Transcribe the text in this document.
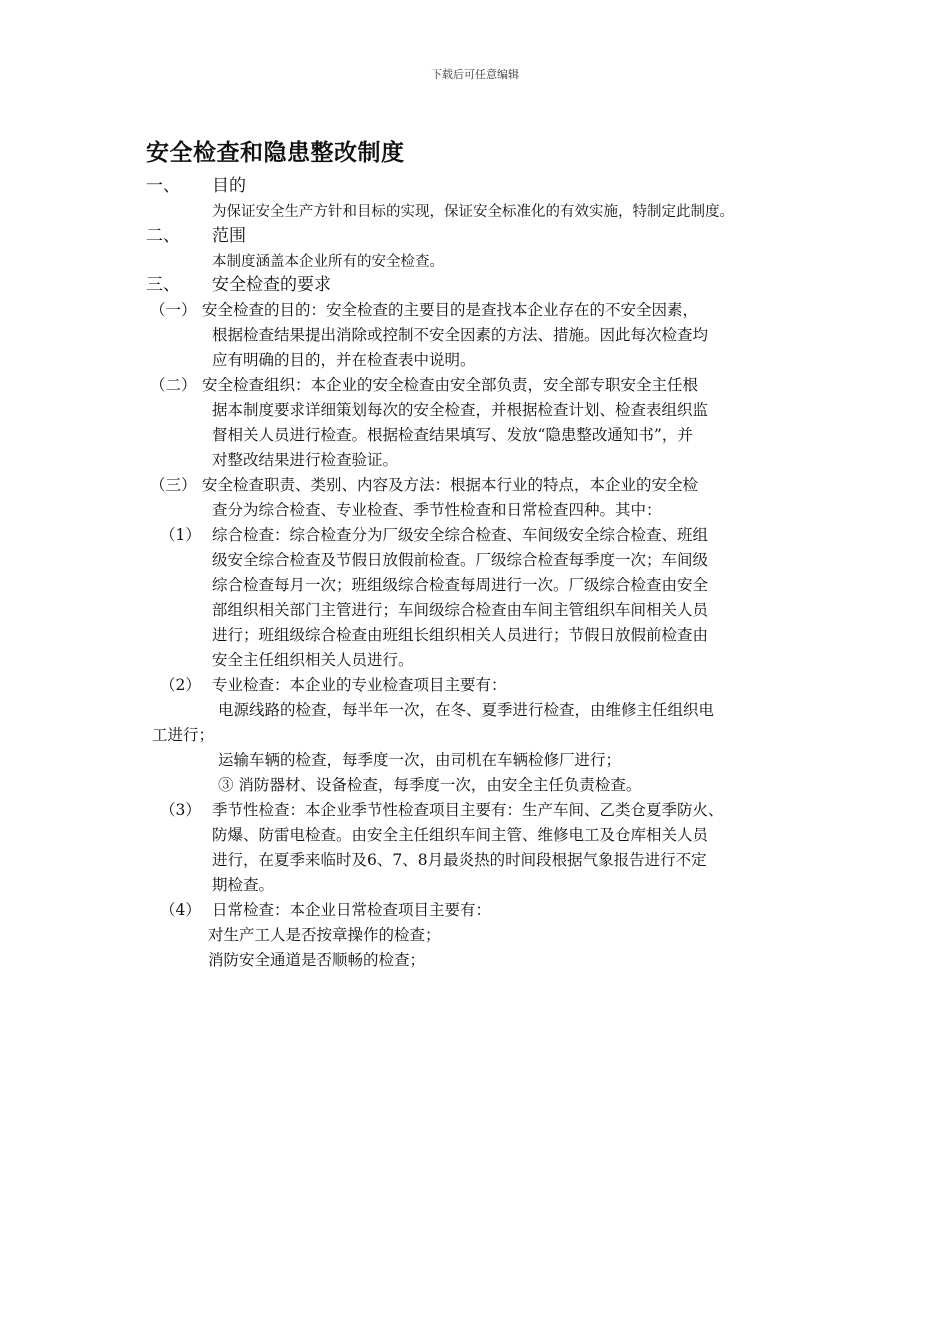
下载后可任意编辑
安全检查和隐患整改制度
一、 目的
为保证安全生产方针和目标的实现，保证安全标准化的有效实施，特制定此制度。
二、 范围
本制度涵盖本企业所有的安全检查。
三、 安全检查的要求
（一） 安全检查的目的：安全检查的主要目的是查找本企业存在的不安全因素，
根据检查结果提出消除或控制不安全因素的方法、措施。因此每次检查均
应有明确的目的，并在检查表中说明。
（二） 安全检查组织：本企业的安全检查由安全部负责，安全部专职安全主任根
据本制度要求详细策划每次的安全检查，并根据检查计划、检查表组织监
督相关人员进行检查。根据检查结果填写、发放“隐患整改通知书”，并
对整改结果进行检查验证。
（三） 安全检查职责、类别、内容及方法：根据本行业的特点，本企业的安全检
查分为综合检查、专业检查、季节性检查和日常检查四种。其中：
（1） 综合检查：综合检查分为厂级安全综合检查、车间级安全综合检查、班组
级安全综合检查及节假日放假前检查。厂级综合检查每季度一次；车间级
综合检查每月一次；班组级综合检查每周进行一次。厂级综合检查由安全
部组织相关部门主管进行；车间级综合检查由车间主管组织车间相关人员
进行；班组级综合检查由班组长组织相关人员进行；节假日放假前检查由
安全主任组织相关人员进行。
（2） 专业检查：本企业的专业检查项目主要有：
电源线路的检查，每半年一次，在冬、夏季进行检查，由维修主任组织电
工进行；
运输车辆的检查，每季度一次，由司机在车辆检修厂进行；
③ 消防器材、设备检查，每季度一次，由安全主任负责检查。
（3） 季节性检查：本企业季节性检查项目主要有：生产车间、乙类仓夏季防火、
防爆、防雷电检查。由安全主任组织车间主管、维修电工及仓库相关人员
进行，在夏季来临时及6、7、8月最炎热的时间段根据气象报告进行不定
期检查。
（4） 日常检查：本企业日常检查项目主要有：
对生产工人是否按章操作的检查；
消防安全通道是否顺畅的检查；
